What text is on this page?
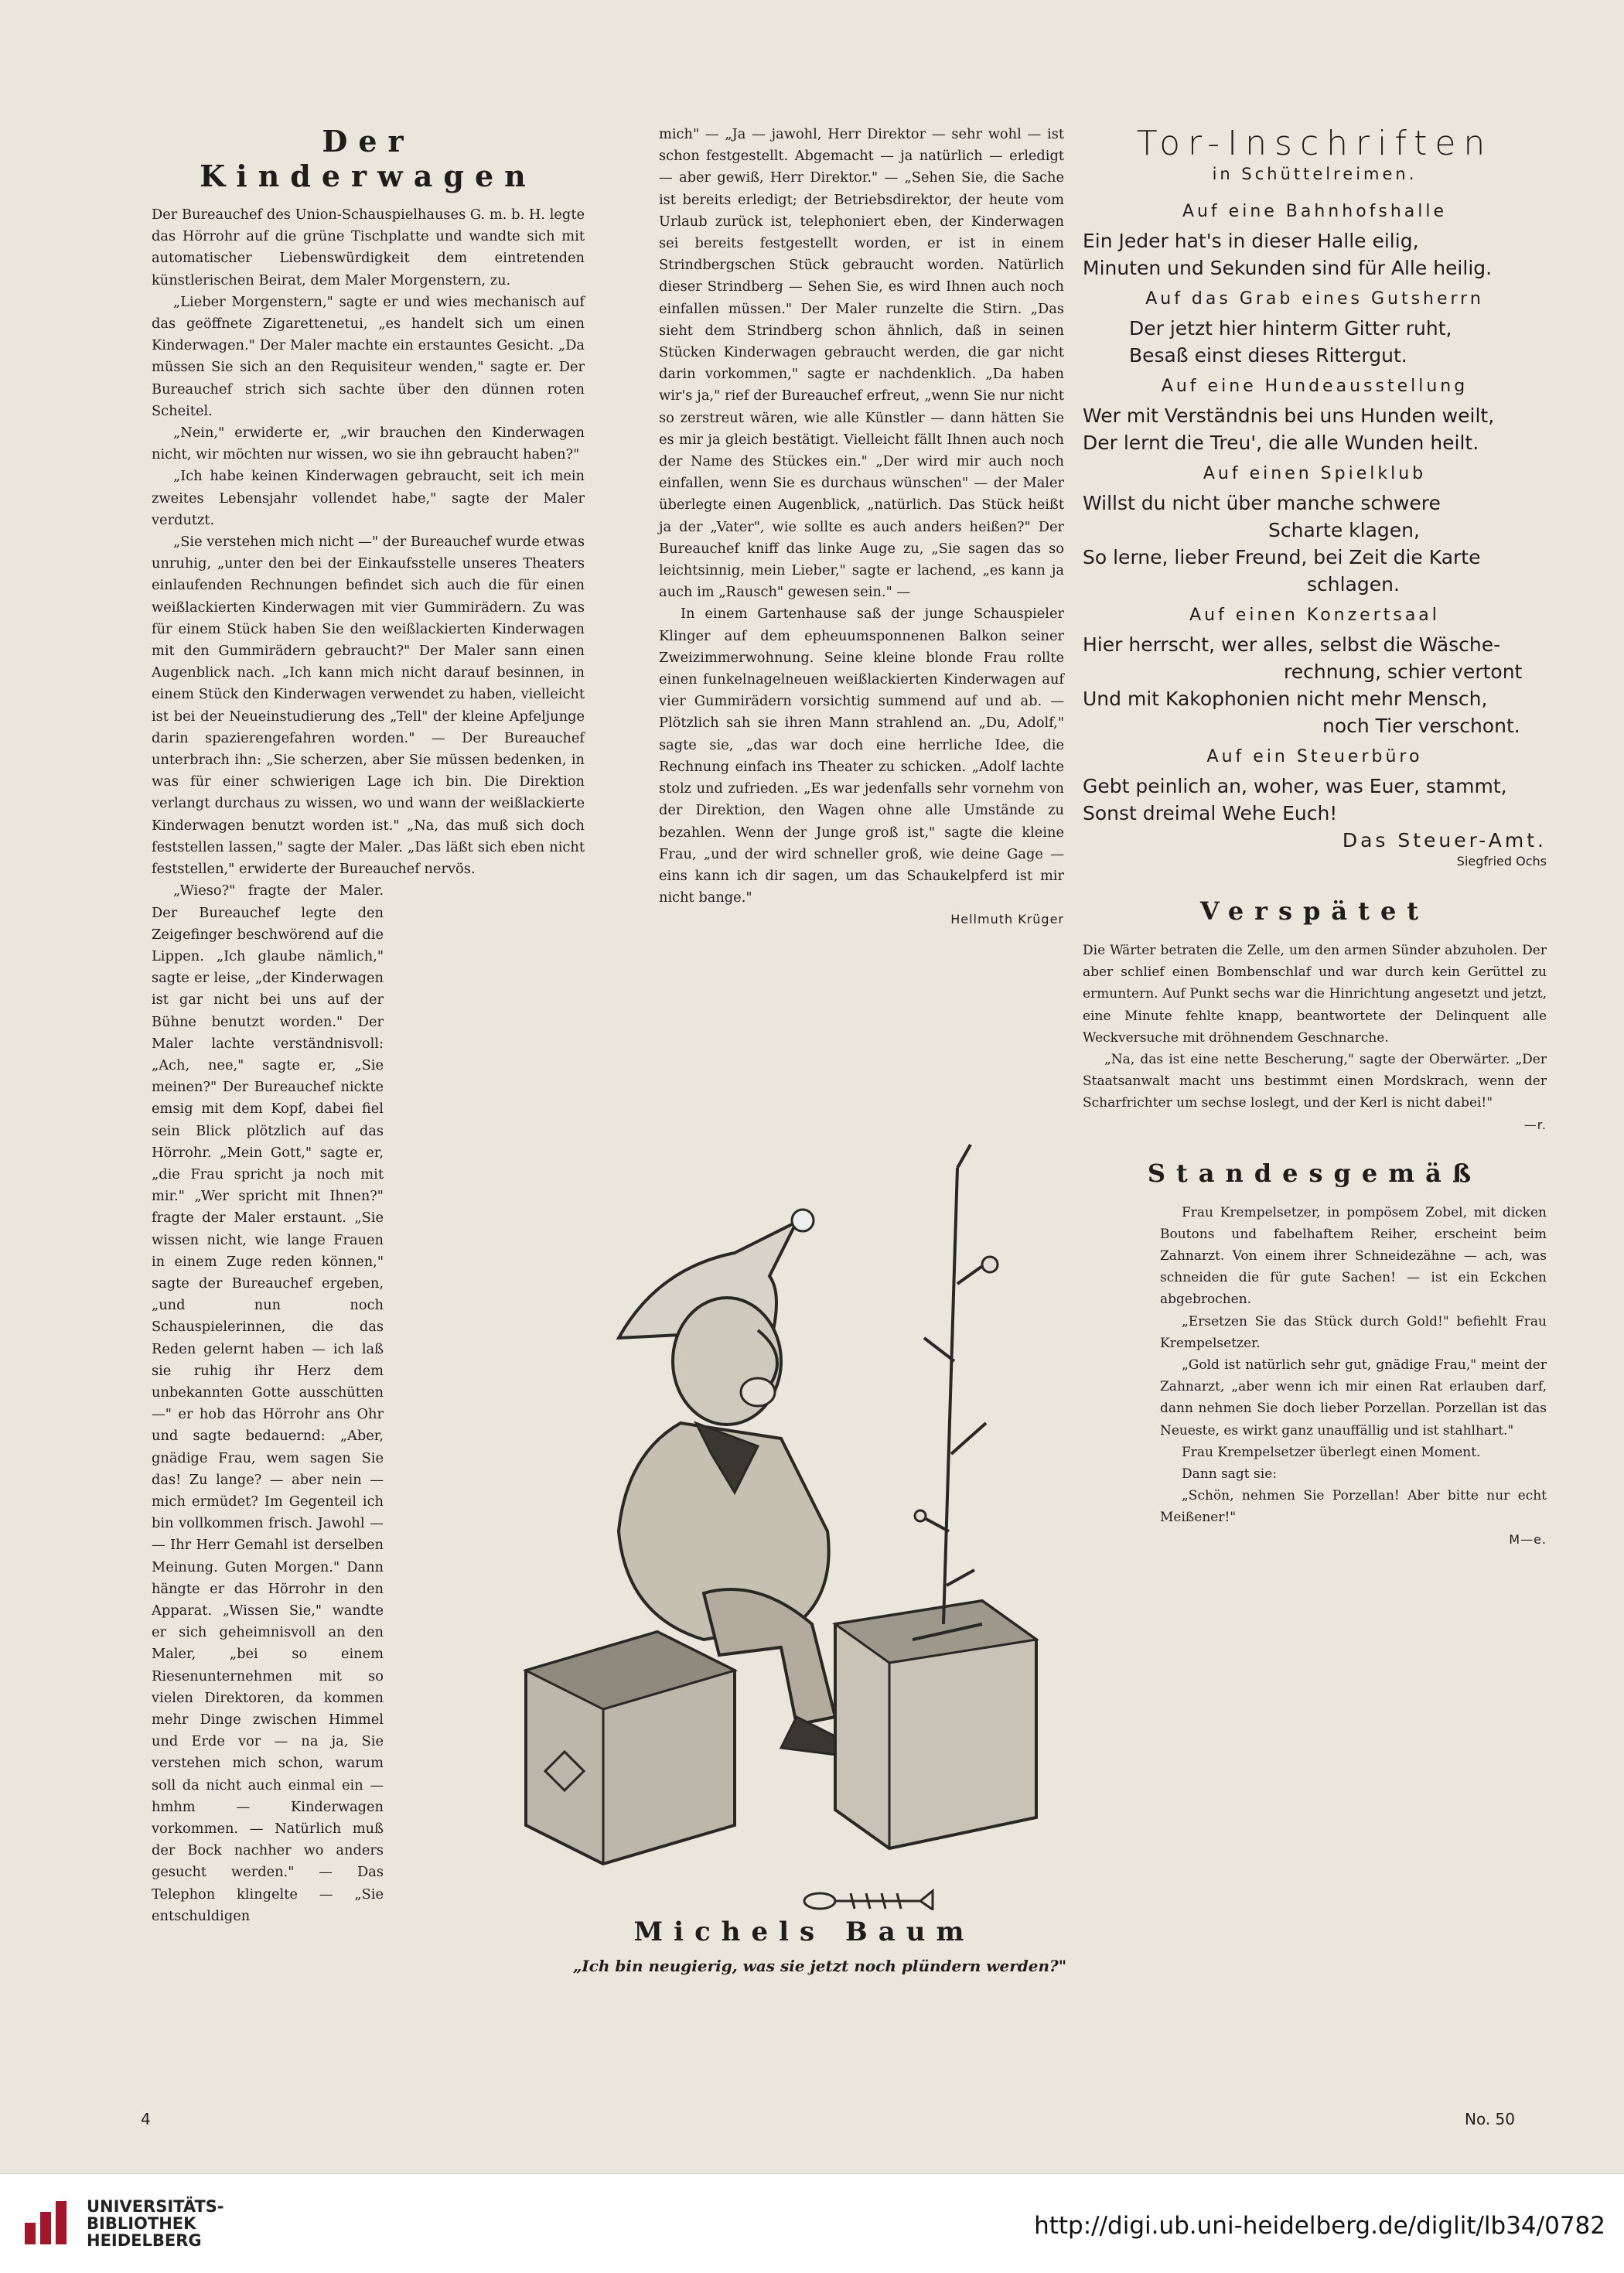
Der Kinderwagen

Der Bureauchef des Union-Schauspielhauses G. m. b. H. legte das Hörrohr auf die grüne Tischplatte und wandte sich mit automatischer Liebenswürdigkeit dem eintretenden künstlerischen Beirat, dem Maler Morgenstern, zu.

„Lieber Morgenstern," sagte er und wies mechanisch auf das geöffnete Zigarettenetui, „es handelt sich um einen Kinderwagen." Der Maler machte ein erstauntes Gesicht. „Da müssen Sie sich an den Requisiteur wenden," sagte er. Der Bureauchef strich sich sachte über den dünnen roten Scheitel.

„Nein," erwiderte er, „wir brauchen den Kinderwagen nicht, wir möchten nur wissen, wo sie ihn gebraucht haben?"

„Ich habe keinen Kinderwagen gebraucht, seit ich mein zweites Lebensjahr vollendet habe," sagte der Maler verdutzt.

„Sie verstehen mich nicht —" der Bureauchef wurde etwas unruhig, „unter den bei der Einkaufsstelle unseres Theaters einlaufenden Rechnungen befindet sich auch die für einen weißlackierten Kinderwagen mit vier Gummirädern. Zu was für einem Stück haben Sie den weißlackierten Kinderwagen mit den Gummirädern gebraucht?" Der Maler sann einen Augenblick nach. „Ich kann mich nicht darauf besinnen, in einem Stück den Kinderwagen verwendet zu haben, vielleicht ist bei der Neueinstudierung des „Tell" der kleine Apfeljunge darin spazierengefahren worden." — Der Bureauchef unterbrach ihn: „Sie scherzen, aber Sie müssen bedenken, in was für einer schwierigen Lage ich bin. Die Direktion verlangt durchaus zu wissen, wo und wann der weißlackierte Kinderwagen benutzt worden ist." „Na, das muß sich doch feststellen lassen," sagte der Maler. „Das läßt sich eben nicht feststellen," erwiderte der Bureauchef nervös.

„Wieso?" fragte der Maler. Der Bureauchef legte den Zeigefinger beschwörend auf die Lippen. „Ich glaube nämlich," sagte er leise, „der Kinderwagen ist gar nicht bei uns auf der Bühne benutzt worden." Der Maler lachte verständnisvoll: „Ach, nee," sagte er, „Sie meinen?" Der Bureauchef nickte emsig mit dem Kopf, dabei fiel sein Blick plötzlich auf das Hörrohr. „Mein Gott," sagte er, „die Frau spricht ja noch mit mir." „Wer spricht mit Ihnen?" fragte der Maler erstaunt. „Sie wissen nicht, wie lange Frauen in einem Zuge reden können," sagte der Bureauchef ergeben, „und nun noch Schauspielerinnen, die das Reden gelernt haben — ich laß sie ruhig ihr Herz dem unbekannten Gotte ausschütten —" er hob das Hörrohr ans Ohr und sagte bedauernd: „Aber, gnädige Frau, wem sagen Sie das! Zu lange? — aber nein — mich ermüdet? Im Gegenteil ich bin vollkommen frisch. Jawohl — — Ihr Herr Gemahl ist derselben Meinung. Guten Morgen." Dann hängte er das Hörrohr in den Apparat. „Wissen Sie," wandte er sich geheimnisvoll an den Maler, „bei so einem Riesenunternehmen mit so vielen Direktoren, da kommen mehr Dinge zwischen Himmel und Erde vor — na ja, Sie verstehen mich schon, warum soll da nicht auch einmal ein — hmhm — Kinderwagen vorkommen. — Natürlich muß der Bock nachher wo anders gesucht werden." — Das Telephon klingelte — „Sie entschuldigen

mich" — „Ja — jawohl, Herr Direktor — sehr wohl — ist schon festgestellt. Abgemacht — ja natürlich — erledigt — aber gewiß, Herr Direktor." — „Sehen Sie, die Sache ist bereits erledigt; der Betriebsdirektor, der heute vom Urlaub zurück ist, telephoniert eben, der Kinderwagen sei bereits festgestellt worden, er ist in einem Strindbergschen Stück gebraucht worden. Natürlich dieser Strindberg — Sehen Sie, es wird Ihnen auch noch einfallen müssen." Der Maler runzelte die Stirn. „Das sieht dem Strindberg schon ähnlich, daß in seinen Stücken Kinderwagen gebraucht werden, die gar nicht darin vorkommen," sagte er nachdenklich. „Da haben wir's ja," rief der Bureauchef erfreut, „wenn Sie nur nicht so zerstreut wären, wie alle Künstler — dann hätten Sie es mir ja gleich bestätigt. Vielleicht fällt Ihnen auch noch der Name des Stückes ein." „Der wird mir auch noch einfallen, wenn Sie es durchaus wünschen" — der Maler überlegte einen Augenblick, „natürlich. Das Stück heißt ja der „Vater", wie sollte es auch anders heißen?" Der Bureauchef kniff das linke Auge zu, „Sie sagen das so leichtsinnig, mein Lieber," sagte er lachend, „es kann ja auch im „Rausch" gewesen sein." —

In einem Gartenhause saß der junge Schauspieler Klinger auf dem epheuumsponnenen Balkon seiner Zweizimmerwohnung. Seine kleine blonde Frau rollte einen funkelnagelneuen weißlackierten Kinderwagen auf vier Gummirädern vorsichtig summend auf und ab. — Plötzlich sah sie ihren Mann strahlend an. „Du, Adolf," sagte sie, „das war doch eine herrliche Idee, die Rechnung einfach ins Theater zu schicken. „Adolf lachte stolz und zufrieden. „Es war jedenfalls sehr vornehm von der Direktion, den Wagen ohne alle Umstände zu bezahlen. Wenn der Junge groß ist," sagte die kleine Frau, „und der wird schneller groß, wie deine Gage — eins kann ich dir sagen, um das Schaukelpferd ist mir nicht bange."

Hellmuth Krüger
Tor-Inschriften
in Schüttelreimen.
Auf eine Bahnhofshalle

Ein Jeder hat's in dieser Halle eilig,
Minuten und Sekunden sind für Alle heilig.

Auf das Grab eines Gutsherrn

Der jetzt hier hinterm Gitter ruht,
Besaß einst dieses Rittergut.

Auf eine Hundeausstellung

Wer mit Verständnis bei uns Hunden weilt,
Der lernt die Treu', die alle Wunden heilt.

Auf einen Spielklub

Willst du nicht über manche schwere
Scharte klagen,
So lerne, lieber Freund, bei Zeit die Karte
schlagen.

Auf einen Konzertsaal

Hier herrscht, wer alles, selbst die Wäsche-
rechnung, schier vertont
Und mit Kakophonien nicht mehr Mensch,
noch Tier verschont.

Auf ein Steuerbüro

Gebt peinlich an, woher, was Euer, stammt,
Sonst dreimal Wehe Euch!

Das Steuer-Amt.
Siegfried Ochs
Verspätet

Die Wärter betraten die Zelle, um den armen Sünder abzuholen. Der aber schlief einen Bombenschlaf und war durch kein Gerüttel zu ermuntern. Auf Punkt sechs war die Hinrichtung angesetzt und jetzt, eine Minute fehlte knapp, beantwortete der Delinquent alle Weckversuche mit dröhnendem Geschnarche.

„Na, das ist eine nette Bescherung," sagte der Oberwärter. „Der Staatsanwalt macht uns bestimmt einen Mordskrach, wenn der Scharfrichter um sechse loslegt, und der Kerl is nicht dabei!"

—r.
Standesgemäß

Frau Krempelsetzer, in pompösem Zobel, mit dicken Boutons und fabelhaftem Reiher, erscheint beim Zahnarzt. Von einem ihrer Schneidezähne — ach, was schneiden die für gute Sachen! — ist ein Eckchen abgebrochen.

„Ersetzen Sie das Stück durch Gold!" befiehlt Frau Krempelsetzer.

„Gold ist natürlich sehr gut, gnädige Frau," meint der Zahnarzt, „aber wenn ich mir einen Rat erlauben darf, dann nehmen Sie doch lieber Porzellan. Porzellan ist das Neueste, es wirkt ganz unauffällig und ist stahlhart."

Frau Krempelsetzer überlegt einen Moment.

Dann sagt sie:

„Schön, nehmen Sie Porzellan! Aber bitte nur echt Meißener!"

M—e.
Michels Baum
„Ich bin neugierig, was sie jetzt noch plündern werden?"
4	No. 50
UNIVERSITÄTS-
BIBLIOTHEK
HEIDELBERG
http://digi.ub.uni-heidelberg.de/diglit/lb34/0782
